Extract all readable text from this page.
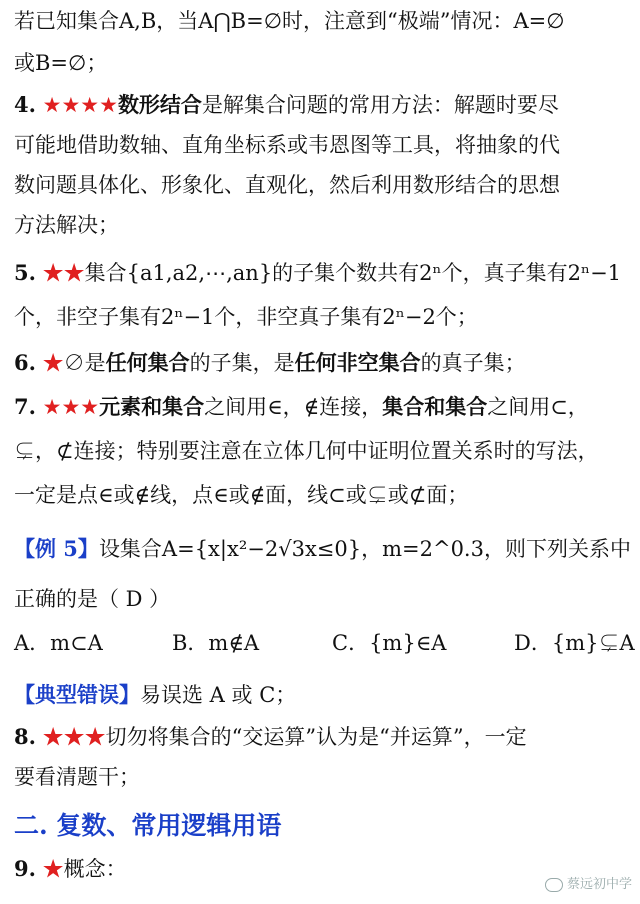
若已知集合A,B，当A⋂B=∅时，注意到“极端”情况：A=∅
或B=∅；
4. ★★★★数形结合是解集合问题的常用方法：解题时要尽
可能地借助数轴、直角坐标系或韦恩图等工具，将抽象的代
数问题具体化、形象化、直观化，然后利用数形结合的思想
方法解决；
5. ★★集合{a1,a2,⋯,an}的子集个数共有2ⁿ个，真子集有2ⁿ−1
个，非空子集有2ⁿ−1个，非空真子集有2ⁿ−2个；
6. ★∅是任何集合的子集，是任何非空集合的真子集；
7. ★★★元素和集合之间用∈，∉连接，集合和集合之间用⊂，
⊊，⊄连接；特别要注意在立体几何中证明位置关系时的写法，
一定是点∈或∉线，点∈或∉面，线⊂或⊊或⊄面；
【例 5】设集合A={x|x²−2√3x≤0}，m=2^0.3，则下列关系中
正确的是（ D ）
A．m⊂A	B．m∉A	C．{m}∈A	D．{m}⊊A
【典型错误】易误选 A 或 C；
8. ★★★切勿将集合的“交运算”认为是“并运算”，一定
要看清题干；
二. 复数、常用逻辑用语
9. ★概念：
蔡远初中学
